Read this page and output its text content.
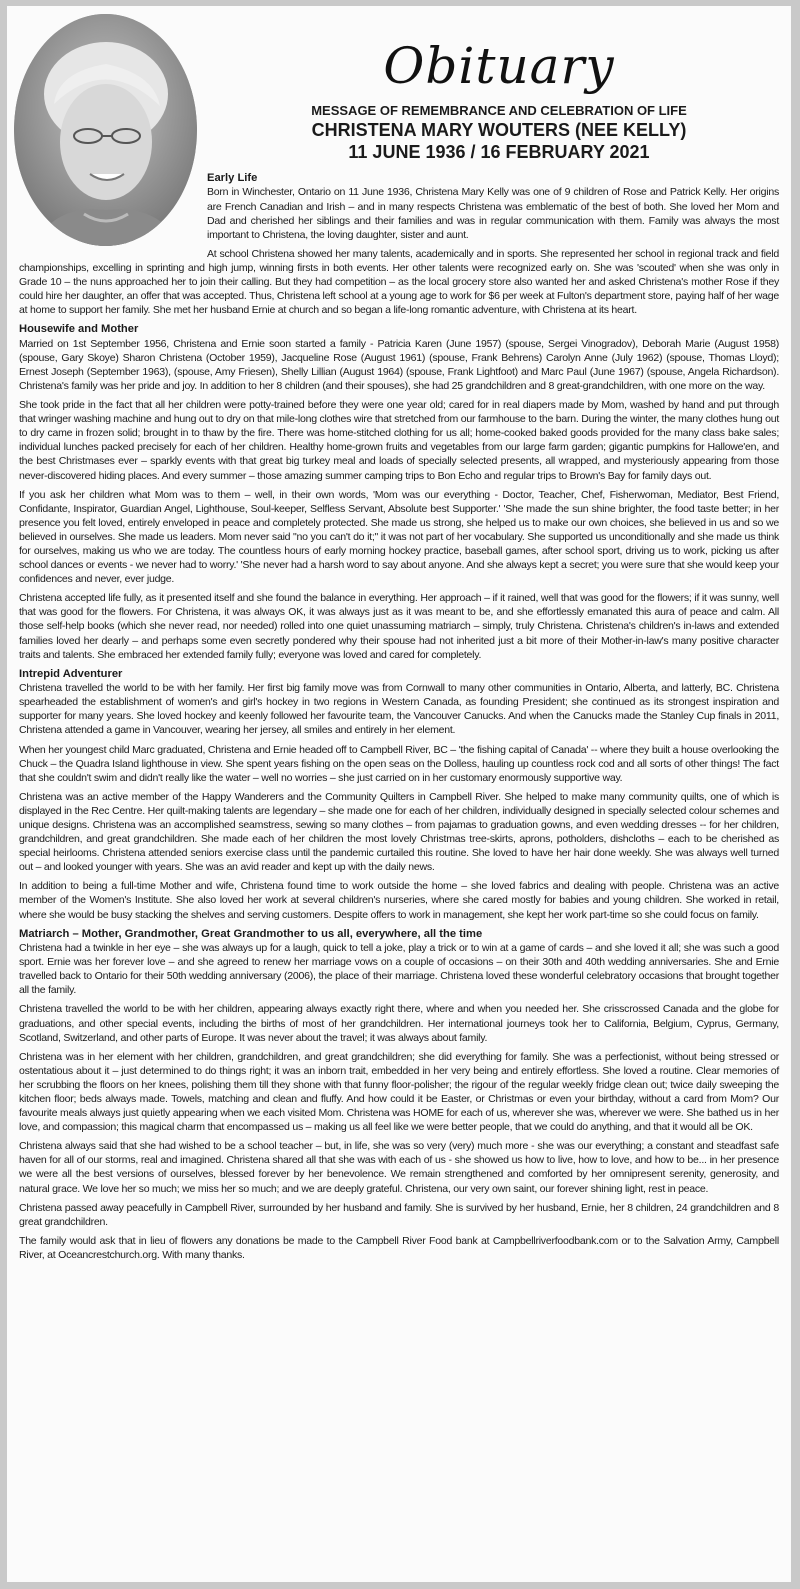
Obituary
MESSAGE OF REMEMBRANCE AND CELEBRATION OF LIFE
CHRISTENA MARY WOUTERS (NEE KELLY)
11 JUNE 1936 / 16 FEBRUARY 2021
Early Life

Born in Winchester, Ontario on 11 June 1936, Christena Mary Kelly was one of 9 children of Rose and Patrick Kelly. Her origins are French Canadian and Irish – and in many respects Christena was emblematic of the best of both. She loved her Mom and Dad and cherished her siblings and their families and was in regular communication with them. Family was always the most important to Christena, the loving daughter, sister and aunt.

At school Christena showed her many talents, academically and in sports. She represented her school in regional track and field championships, excelling in sprinting and high jump, winning firsts in both events. Her other talents were recognized early on. She was 'scouted' when she was only in Grade 10 – the nuns approached her to join their calling. But they had competition – as the local grocery store also wanted her and asked Christena's mother Rose if they could hire her daughter, an offer that was accepted. Thus, Christena left school at a young age to work for $6 per week at Fulton's department store, paying half of her wage at home to support her family. She met her husband Ernie at church and so began a life-long romantic adventure, with Christena at its heart.

Housewife and Mother

Married on 1st September 1956, Christena and Ernie soon started a family - Patricia Karen (June 1957) (spouse, Sergei Vinogradov), Deborah Marie (August 1958) (spouse, Gary Skoye) Sharon Christena (October 1959), Jacqueline Rose (August 1961) (spouse, Frank Behrens) Carolyn Anne (July 1962) (spouse, Thomas Lloyd); Ernest Joseph (September 1963), (spouse, Amy Friesen), Shelly Lillian (August 1964) (spouse, Frank Lightfoot) and Marc Paul (June 1967) (spouse, Angela Richardson). Christena's family was her pride and joy. In addition to her 8 children (and their spouses), she had 25 grandchildren and 8 great-grandchildren, with one more on the way.

She took pride in the fact that all her children were potty-trained before they were one year old; cared for in real diapers made by Mom, washed by hand and put through that wringer washing machine and hung out to dry on that mile-long clothes wire that stretched from our farmhouse to the barn. During the winter, the many clothes hung out to dry came in frozen solid; brought in to thaw by the fire. There was home-stitched clothing for us all; home-cooked baked goods provided for the many class bake sales; individual lunches packed precisely for each of her children. Healthy home-grown fruits and vegetables from our large farm garden; gigantic pumpkins for Hallowe'en, and the best Christmases ever – sparkly events with that great big turkey meal and loads of specially selected presents, all wrapped, and mysteriously appearing from those never-discovered hiding places. And every summer – those amazing summer camping trips to Bon Echo and regular trips to Brown's Bay for family days out.

If you ask her children what Mom was to them – well, in their own words, 'Mom was our everything - Doctor, Teacher, Chef, Fisherwoman, Mediator, Best Friend, Confidante, Inspirator, Guardian Angel, Lighthouse, Soul-keeper, Selfless Servant, Absolute best Supporter.' 'She made the sun shine brighter, the food taste better; in her presence you felt loved, entirely enveloped in peace and completely protected. She made us strong, she helped us to make our own choices, she believed in us and so we believed in ourselves. She made us leaders. Mom never said "no you can't do it;" it was not part of her vocabulary. She supported us unconditionally and she made us think for ourselves, making us who we are today. The countless hours of early morning hockey practice, baseball games, after school sport, driving us to work, picking us after school dances or events - we never had to worry.' 'She never had a harsh word to say about anyone. And she always kept a secret; you were sure that she would keep your confidences and never, ever judge.

Christena accepted life fully, as it presented itself and she found the balance in everything. Her approach – if it rained, well that was good for the flowers; if it was sunny, well that was good for the flowers. For Christena, it was always OK, it was always just as it was meant to be, and she effortlessly emanated this aura of peace and calm. All those self-help books (which she never read, nor needed) rolled into one quiet unassuming matriarch – simply, truly Christena. Christena's children's in-laws and extended families loved her dearly – and perhaps some even secretly pondered why their spouse had not inherited just a bit more of their Mother-in-law's many positive character traits and talents. She embraced her extended family fully; everyone was loved and cared for completely.

Intrepid Adventurer

Christena travelled the world to be with her family. Her first big family move was from Cornwall to many other communities in Ontario, Alberta, and latterly, BC. Christena spearheaded the establishment of women's and girl's hockey in two regions in Western Canada, as founding President; she continued as its strongest inspiration and supporter for many years. She loved hockey and keenly followed her favourite team, the Vancouver Canucks. And when the Canucks made the Stanley Cup finals in 2011, Christena attended a game in Vancouver, wearing her jersey, all smiles and entirely in her element.

When her youngest child Marc graduated, Christena and Ernie headed off to Campbell River, BC – 'the fishing capital of Canada' -- where they built a house overlooking the Chuck – the Quadra Island lighthouse in view. She spent years fishing on the open seas on the Dolless, hauling up countless rock cod and all sorts of other things! The fact that she couldn't swim and didn't really like the water – well no worries – she just carried on in her customary enormously supportive way.

Christena was an active member of the Happy Wanderers and the Community Quilters in Campbell River. She helped to make many community quilts, one of which is displayed in the Rec Centre. Her quilt-making talents are legendary – she made one for each of her children, individually designed in specially selected colour schemes and unique designs. Christena was an accomplished seamstress, sewing so many clothes – from pajamas to graduation gowns, and even wedding dresses -- for her children, grandchildren, and great grandchildren. She made each of her children the most lovely Christmas tree-skirts, aprons, potholders, dishcloths – each to be cherished as special heirlooms. Christena attended seniors exercise class until the pandemic curtailed this routine. She loved to have her hair done weekly. She was always well turned out – and looked younger with years. She was an avid reader and kept up with the daily news.

In addition to being a full-time Mother and wife, Christena found time to work outside the home – she loved fabrics and dealing with people. Christena was an active member of the Women's Institute. She also loved her work at several children's nurseries, where she cared mostly for babies and young children. She worked in retail, where she would be busy stacking the shelves and serving customers. Despite offers to work in management, she kept her work part-time so she could focus on family.

Matriarch – Mother, Grandmother, Great Grandmother to us all, everywhere, all the time

Christena had a twinkle in her eye – she was always up for a laugh, quick to tell a joke, play a trick or to win at a game of cards – and she loved it all; she was such a good sport. Ernie was her forever love – and she agreed to renew her marriage vows on a couple of occasions – on their 30th and 40th wedding anniversaries. She and Ernie travelled back to Ontario for their 50th wedding anniversary (2006), the place of their marriage. Christena loved these wonderful celebratory occasions that brought together all the family.

Christena travelled the world to be with her children, appearing always exactly right there, where and when you needed her. She crisscrossed Canada and the globe for graduations, and other special events, including the births of most of her grandchildren. Her international journeys took her to California, Belgium, Cyprus, Germany, Scotland, Switzerland, and other parts of Europe. It was never about the travel; it was always about family.

Christena was in her element with her children, grandchildren, and great grandchildren; she did everything for family. She was a perfectionist, without being stressed or ostentatious about it – just determined to do things right; it was an inborn trait, embedded in her very being and entirely effortless. She loved a routine. Clear memories of her scrubbing the floors on her knees, polishing them till they shone with that funny floor-polisher; the rigour of the regular weekly fridge clean out; twice daily sweeping the kitchen floor; beds always made. Towels, matching and clean and fluffy. And how could it be Easter, or Christmas or even your birthday, without a card from Mom? Our favourite meals always just quietly appearing when we each visited Mom. Christena was HOME for each of us, wherever she was, wherever we were. She bathed us in her love, and compassion; this magical charm that encompassed us – making us all feel like we were better people, that we could do anything, and that it would all be OK.

Christena always said that she had wished to be a school teacher – but, in life, she was so very (very) much more - she was our everything; a constant and steadfast safe haven for all of our storms, real and imagined. Christena shared all that she was with each of us - she showed us how to live, how to love, and how to be... in her presence we were all the best versions of ourselves, blessed forever by her benevolence. We remain strengthened and comforted by her omnipresent serenity, generosity, and natural grace. We love her so much; we miss her so much; and we are deeply grateful. Christena, our very own saint, our forever shining light, rest in peace.

Christena passed away peacefully in Campbell River, surrounded by her husband and family. She is survived by her husband, Ernie, her 8 children, 24 grandchildren and 8 great grandchildren.

The family would ask that in lieu of flowers any donations be made to the Campbell River Food bank at Campbellriverfoodbank.com or to the Salvation Army, Campbell River, at Oceancrestchurch.org. With many thanks.
